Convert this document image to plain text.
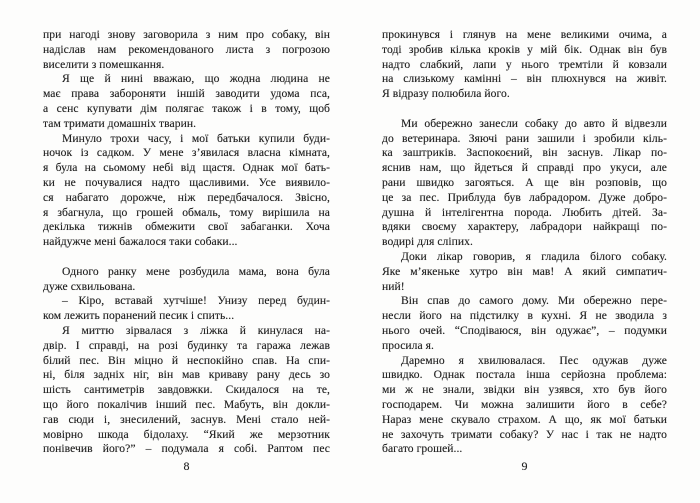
при нагоді знову заговорила з ним про собаку, він
надіслав нам рекомендованого листа з погрозою
виселити з помешкання.
Я ще й нині вважаю, що жодна людина не
має права забороняти іншій заводити удома пса,
а сенс купувати дім полягає також і в тому, щоб
там тримати домашніх тварин.
Минуло трохи часу, і мої батьки купили буди-
ночок із садком. У мене з’явилася власна кімната,
я була на сьомому небі від щастя. Однак мої бать-
ки не почувалися надто щасливими. Усе виявило-
ся набагато дорожче, ніж передбачалося. Звісно,
я збагнула, що грошей обмаль, тому вирішила на
декілька тижнів обмежити свої забаганки. Хоча
найдужче мені бажалося таки собаки...
Одного ранку мене розбудила мама, вона була
дуже схвильована.
– Кіро, вставай хутчіше! Унизу перед будин-
ком лежить поранений песик і спить...
Я миттю зірвалася з ліжка й кинулася на-
двір. І справді, на розі будинку та гаража лежав
білий пес. Він міцно й неспокійно спав. На спи-
ні, біля задніх ніг, він мав криваву рану десь зо
шість сантиметрів завдовжки. Скидалося на те,
що його покалічив інший пес. Мабуть, він докли-
гав сюди і, знесилений, заснув. Мені стало ней-
мовірно шкода бідолаху. “Який же мерзотник
понівечив його?” – подумала я собі. Раптом пес
прокинувся і глянув на мене великими очима, а
тоді зробив кілька кроків у мій бік. Однак він був
надто слабкий, лапи у нього тремтіли й ковзали
на слизькому камінні – він плюхнувся на живіт.
Я відразу полюбила його.
Ми обережно занесли собаку до авто й відвезли
до ветеринара. Зяючі рани зашили і зробили кіль-
ка заштриків. Заспокоєний, він заснув. Лікар по-
яснив нам, що йдеться й справді про укуси, але
рани швидко загояться. А ще він розповів, що
це за пес. Приблуда був лабрадором. Дуже добро-
душна й інтелігентна порода. Любить дітей. За-
вдяки своєму характеру, лабрадори найкращі по-
водирі для сліпих.
Доки лікар говорив, я гладила білого собаку.
Яке м’якеньке хутро він мав! А який симпатич-
ний!
Він спав до самого дому. Ми обережно пере-
несли його на підстилку в кухні. Я не зводила з
нього очей. “Сподіваюся, він одужає”, – подумки
просила я.
Даремно я хвилювалася. Пес одужав дуже
швидко. Однак постала інша серйозна проблема:
ми ж не знали, звідки він узявся, хто був його
господарем. Чи можна залишити його в себе?
Нараз мене скувало страхом. А що, як мої батьки
не захочуть тримати собаку? У нас і так не надто
багато грошей...
8	9
